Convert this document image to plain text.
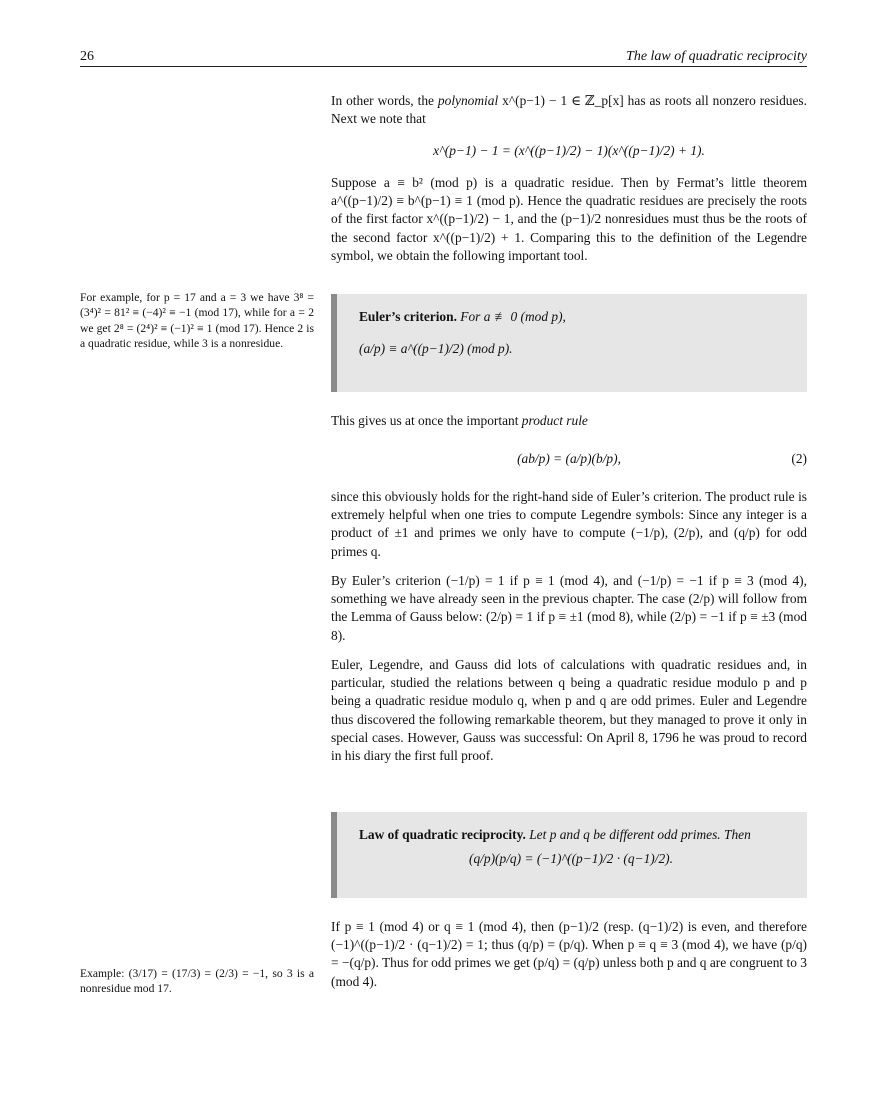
26	The law of quadratic reciprocity

In other words, the polynomial x^(p−1) − 1 ∈ ℤ_p[x] has as roots all nonzero residues. Next we note that

x^(p−1) − 1 = (x^((p−1)/2) − 1)(x^((p−1)/2) + 1).

Suppose a ≡ b² (mod p) is a quadratic residue. Then by Fermat’s little theorem a^((p−1)/2) ≡ b^(p−1) ≡ 1 (mod p). Hence the quadratic residues are precisely the roots of the first factor x^((p−1)/2) − 1, and the (p−1)/2 nonresidues must thus be the roots of the second factor x^((p−1)/2) + 1. Comparing this to the definition of the Legendre symbol, we obtain the following important tool.

For example, for p = 17 and a = 3 we have 3⁸ = (3⁴)² = 81² ≡ (−4)² ≡ −1 (mod 17), while for a = 2 we get 2⁸ = (2⁴)² ≡ (−1)² ≡ 1 (mod 17). Hence 2 is a quadratic residue, while 3 is a nonresidue.
Euler’s criterion. For a ≢ 0 (mod p),
(a/p) ≡ a^((p−1)/2) (mod p).

This gives us at once the important product rule

(ab/p) = (a/p)(b/p),	(2)

since this obviously holds for the right-hand side of Euler’s criterion. The product rule is extremely helpful when one tries to compute Legendre symbols: Since any integer is a product of ±1 and primes we only have to compute (−1/p), (2/p), and (q/p) for odd primes q.

By Euler’s criterion (−1/p) = 1 if p ≡ 1 (mod 4), and (−1/p) = −1 if p ≡ 3 (mod 4), something we have already seen in the previous chapter. The case (2/p) will follow from the Lemma of Gauss below: (2/p) = 1 if p ≡ ±1 (mod 8), while (2/p) = −1 if p ≡ ±3 (mod 8).

Euler, Legendre, and Gauss did lots of calculations with quadratic residues and, in particular, studied the relations between q being a quadratic residue modulo p and p being a quadratic residue modulo q, when p and q are odd primes. Euler and Legendre thus discovered the following remarkable theorem, but they managed to prove it only in special cases. However, Gauss was successful: On April 8, 1796 he was proud to record in his diary the first full proof.

Law of quadratic reciprocity. Let p and q be different odd primes. Then
(q/p)(p/q) = (−1)^((p−1)/2 · (q−1)/2).

If p ≡ 1 (mod 4) or q ≡ 1 (mod 4), then (p−1)/2 (resp. (q−1)/2) is even, and therefore (−1)^((p−1)/2 · (q−1)/2) = 1; thus (q/p) = (p/q). When p ≡ q ≡ 3 (mod 4), we have (p/q) = −(q/p). Thus for odd primes we get (p/q) = (q/p) unless both p and q are congruent to 3 (mod 4).

Example: (3/17) = (17/3) = (2/3) = −1, so 3 is a nonresidue mod 17.
